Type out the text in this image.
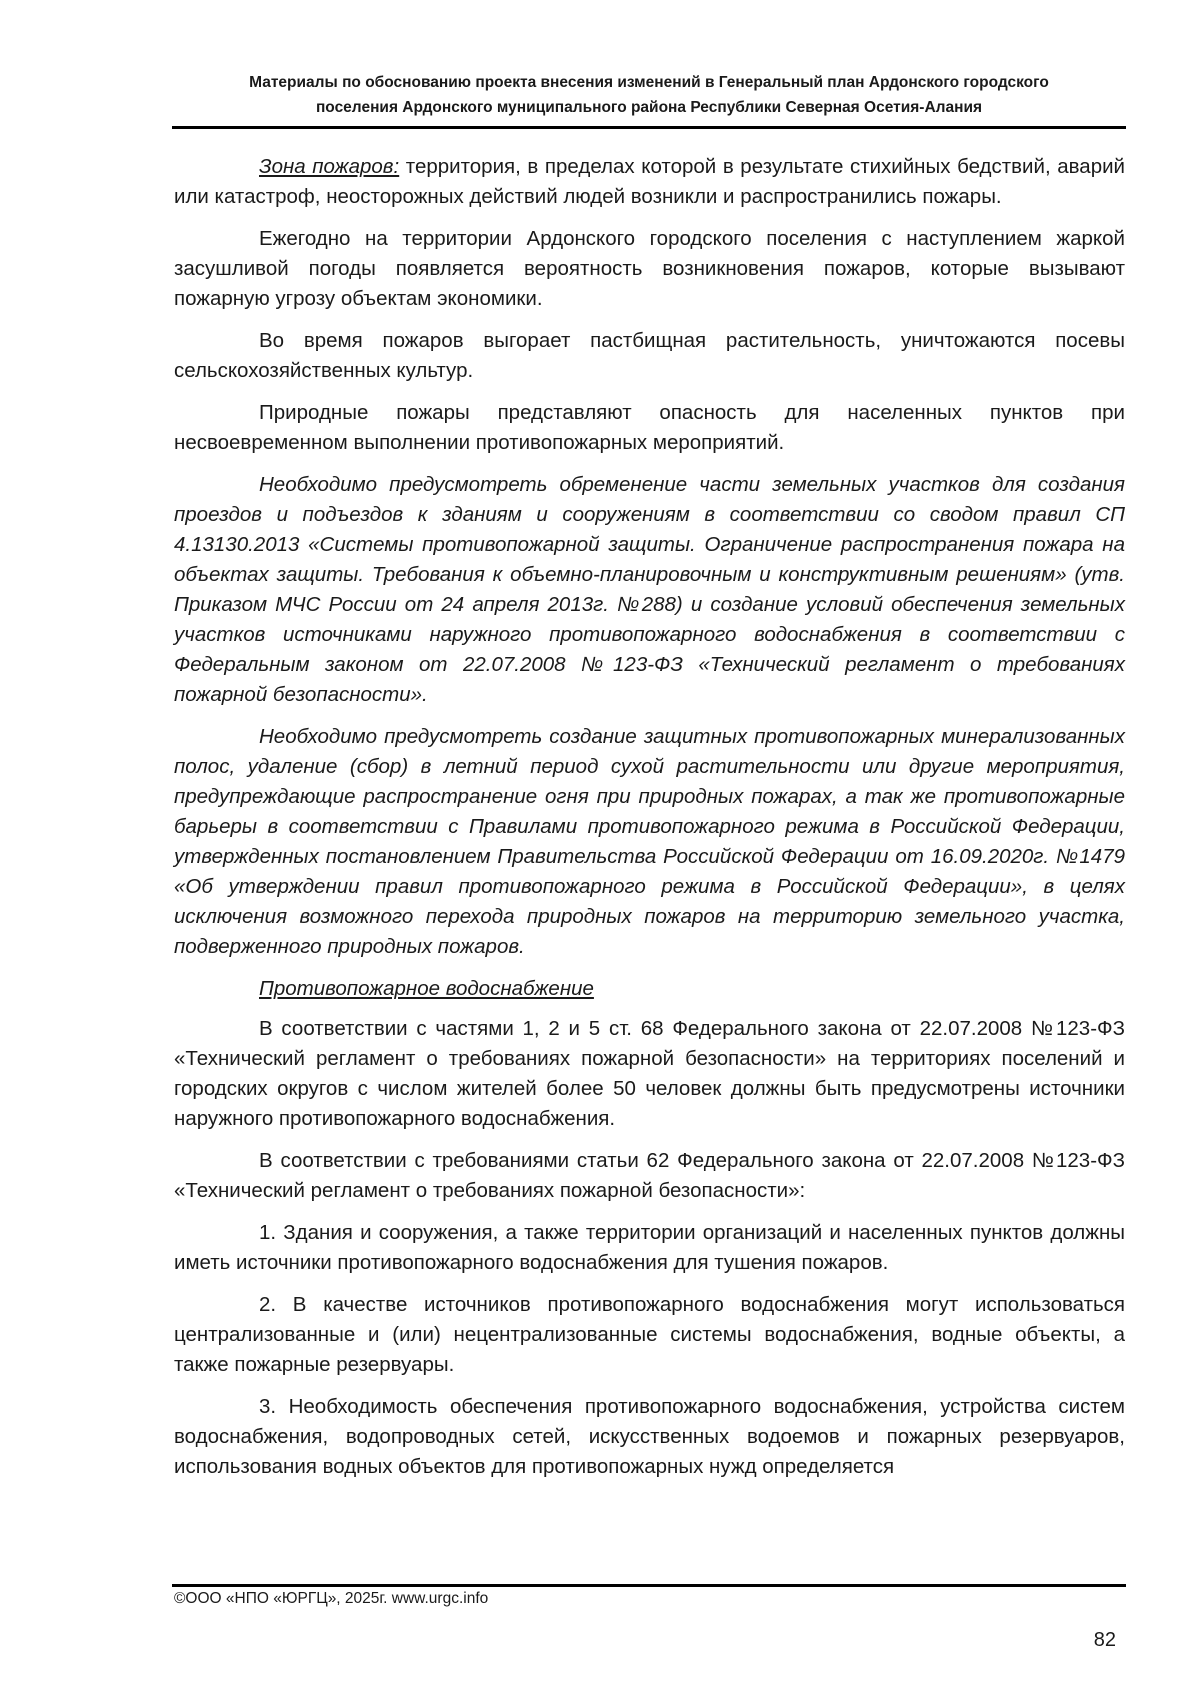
Материалы по обоснованию проекта внесения изменений в Генеральный план Ардонского городского
поселения Ардонского муниципального района Республики Северная Осетия-Алания

Зона пожаров: территория, в пределах которой в результате стихийных бедствий, аварий или катастроф, неосторожных действий людей возникли и распространились пожары.

Ежегодно на территории Ардонского городского поселения с наступлением жаркой засушливой погоды появляется вероятность возникновения пожаров, которые вызывают пожарную угрозу объектам экономики.

Во время пожаров выгорает пастбищная растительность, уничтожаются посевы сельскохозяйственных культур.

Природные пожары представляют опасность для населенных пунктов при несвоевременном выполнении противопожарных мероприятий.

Необходимо предусмотреть обременение части земельных участков для создания проездов и подъездов к зданиям и сооружениям в соответствии со сводом правил СП 4.13130.2013 «Системы противопожарной защиты. Ограничение распространения пожара на объектах защиты. Требования к объемно-планировочным и конструктивным решениям» (утв. Приказом МЧС России от 24 апреля 2013г. №288) и создание условий обеспечения земельных участков источниками наружного противопожарного водоснабжения в соответствии с Федеральным законом от 22.07.2008 №123-ФЗ «Технический регламент о требованиях пожарной безопасности».

Необходимо предусмотреть создание защитных противопожарных минерализованных полос, удаление (сбор) в летний период сухой растительности или другие мероприятия, предупреждающие распространение огня при природных пожарах, а так же противопожарные барьеры в соответствии с Правилами противопожарного режима в Российской Федерации, утвержденных постановлением Правительства Российской Федерации от 16.09.2020г. №1479 «Об утверждении правил противопожарного режима в Российской Федерации», в целях исключения возможного перехода природных пожаров на территорию земельного участка, подверженного природных пожаров.

Противопожарное водоснабжение

В соответствии с частями 1, 2 и 5 ст. 68 Федерального закона от 22.07.2008 №123-ФЗ «Технический регламент о требованиях пожарной безопасности» на территориях поселений и городских округов с числом жителей более 50 человек должны быть предусмотрены источники наружного противопожарного водоснабжения.

В соответствии с требованиями статьи 62 Федерального закона от 22.07.2008 №123-ФЗ «Технический регламент о требованиях пожарной безопасности»:

1. Здания и сооружения, а также территории организаций и населенных пунктов должны иметь источники противопожарного водоснабжения для тушения пожаров.

2. В качестве источников противопожарного водоснабжения могут использоваться централизованные и (или) нецентрализованные системы водоснабжения, водные объекты, а также пожарные резервуары.

3. Необходимость обеспечения противопожарного водоснабжения, устройства систем водоснабжения, водопроводных сетей, искусственных водоемов и пожарных резервуаров, использования водных объектов для противопожарных нужд определяется

©ООО «НПО «ЮРГЦ», 2025г. www.urgc.info
82
